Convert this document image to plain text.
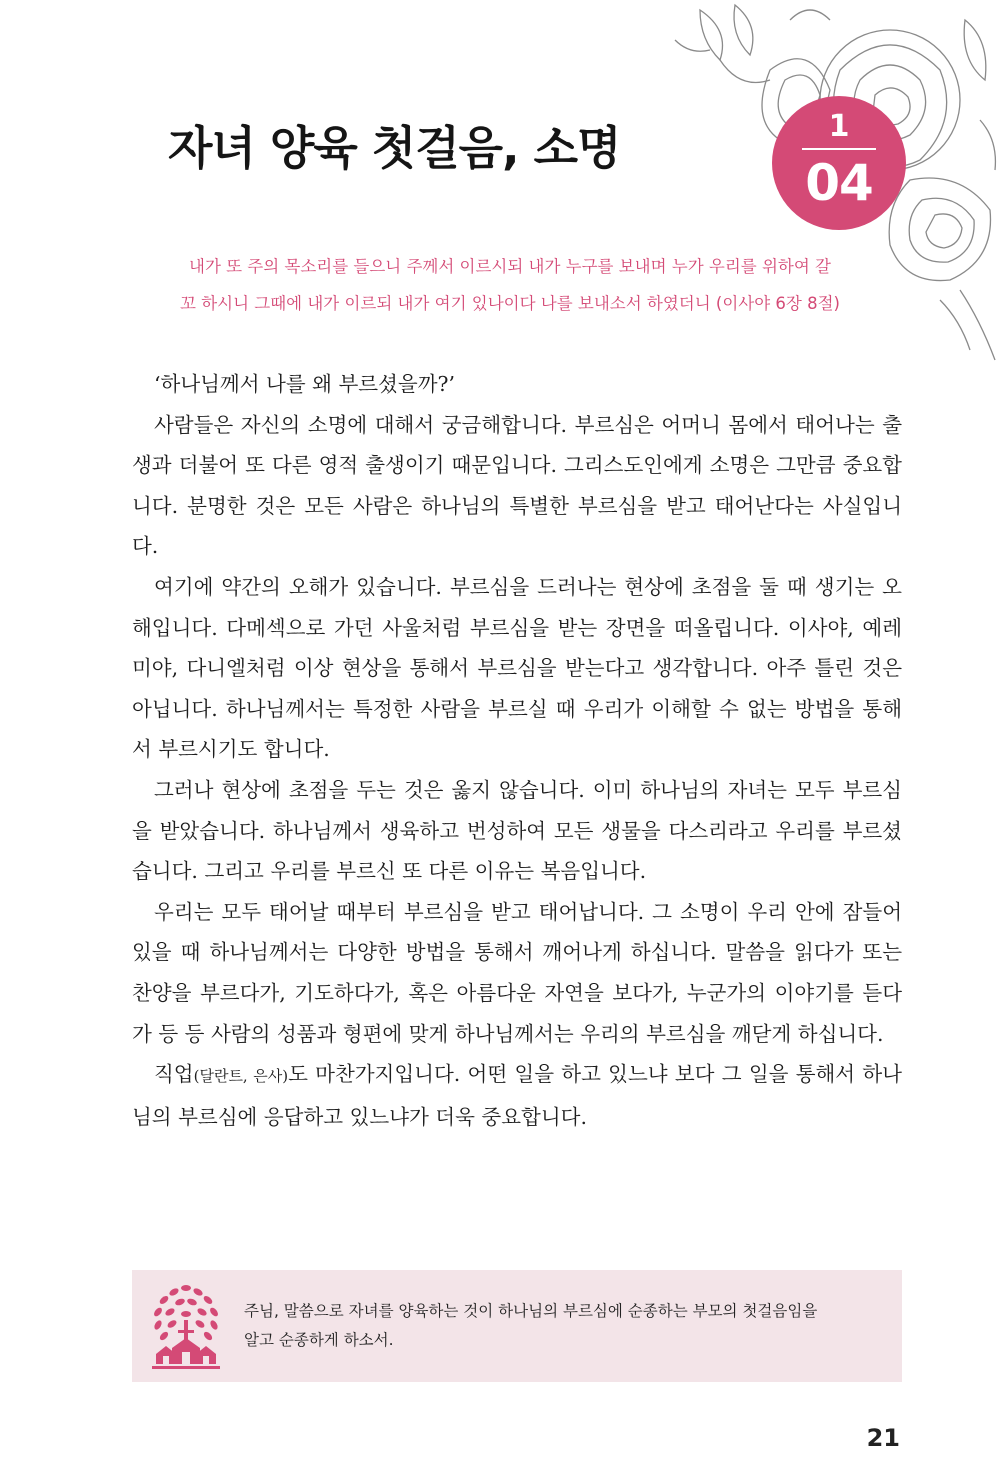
자녀 양육 첫걸음, 소명	1
04

내가 또 주의 목소리를 들으니 주께서 이르시되 내가 누구를 보내며 누가 우리를 위하여 갈
꼬 하시니 그때에 내가 이르되 내가 여기 있나이다 나를 보내소서 하였더니 (이사야 6장 8절)

‘하나님께서 나를 왜 부르셨을까?’

사람들은 자신의 소명에 대해서 궁금해합니다. 부르심은 어머니 몸에서 태어나는 출생과 더불어 또 다른 영적 출생이기 때문입니다. 그리스도인에게 소명은 그만큼 중요합니다. 분명한 것은 모든 사람은 하나님의 특별한 부르심을 받고 태어난다는 사실입니다.

여기에 약간의 오해가 있습니다. 부르심을 드러나는 현상에 초점을 둘 때 생기는 오해입니다. 다메섹으로 가던 사울처럼 부르심을 받는 장면을 떠올립니다. 이사야, 예레미야, 다니엘처럼 이상 현상을 통해서 부르심을 받는다고 생각합니다. 아주 틀린 것은 아닙니다. 하나님께서는 특정한 사람을 부르실 때 우리가 이해할 수 없는 방법을 통해서 부르시기도 합니다.

그러나 현상에 초점을 두는 것은 옳지 않습니다. 이미 하나님의 자녀는 모두 부르심을 받았습니다. 하나님께서 생육하고 번성하여 모든 생물을 다스리라고 우리를 부르셨습니다. 그리고 우리를 부르신 또 다른 이유는 복음입니다.

우리는 모두 태어날 때부터 부르심을 받고 태어납니다. 그 소명이 우리 안에 잠들어 있을 때 하나님께서는 다양한 방법을 통해서 깨어나게 하십니다. 말씀을 읽다가 또는 찬양을 부르다가, 기도하다가, 혹은 아름다운 자연을 보다가, 누군가의 이야기를 듣다가 등 등 사람의 성품과 형편에 맞게 하나님께서는 우리의 부르심을 깨닫게 하십니다.

직업(달란트, 은사)도 마찬가지입니다. 어떤 일을 하고 있느냐 보다 그 일을 통해서 하나님의 부르심에 응답하고 있느냐가 더욱 중요합니다.

주님, 말씀으로 자녀를 양육하는 것이 하나님의 부르심에 순종하는 부모의 첫걸음임을
알고 순종하게 하소서.

21
